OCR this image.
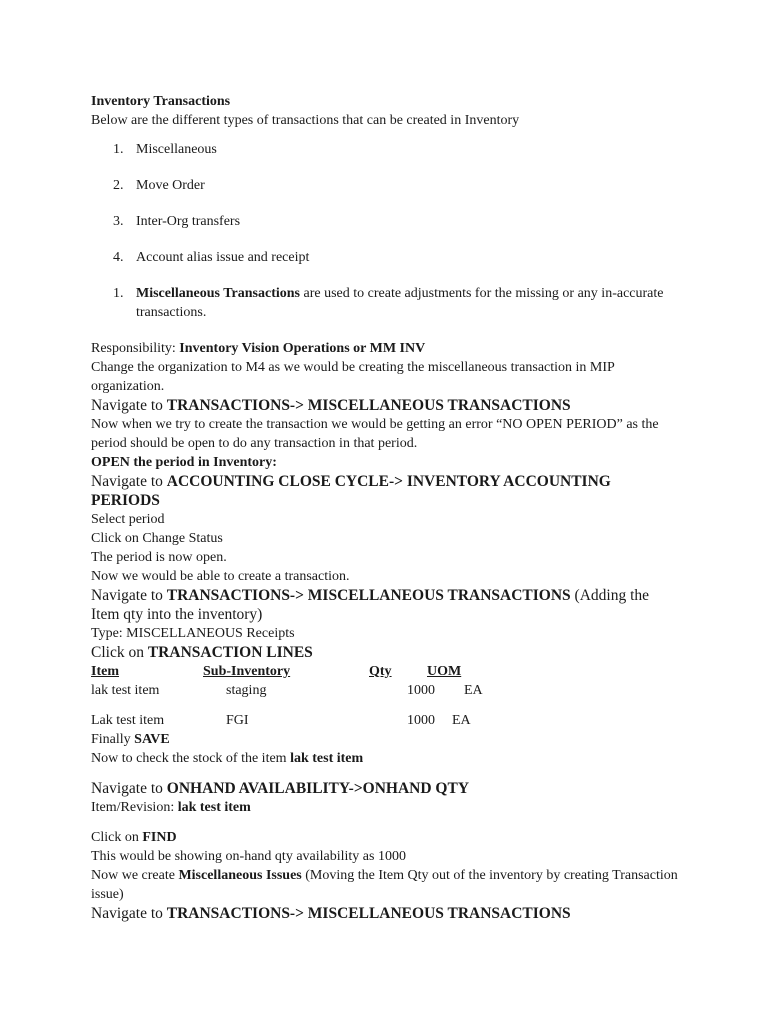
Inventory Transactions

Below are the different types of transactions that can be created in Inventory

1. Miscellaneous
2. Move Order
3. Inter-Org transfers
4. Account alias issue and receipt

1. Miscellaneous Transactions are used to create adjustments for the missing or any in-accurate transactions.

Responsibility: Inventory Vision Operations or MM INV

Change the organization to M4 as we would be creating the miscellaneous transaction in MIP organization.

Navigate to TRANSACTIONS-> MISCELLANEOUS TRANSACTIONS

Now when we try to create the transaction we would be getting an error “NO OPEN PERIOD” as the period should be open to do any transaction in that period.

OPEN the period in Inventory:

Navigate to ACCOUNTING CLOSE CYCLE-> INVENTORY ACCOUNTING PERIODS

Select period

Click on Change Status

The period is now open.

Now we would be able to create a transaction.

Navigate to TRANSACTIONS-> MISCELLANEOUS TRANSACTIONS (Adding the Item qty into the inventory)

Type: MISCELLANEOUS Receipts

Click on TRANSACTION LINES

Item	Sub-Inventory	Qty	UOM
lak test item	staging	1000 EA
Lak test item	FGI	1000 EA

Finally SAVE

Now to check the stock of the item lak test item

Navigate to ONHAND AVAILABILITY->ONHAND QTY

Item/Revision: lak test item

Click on FIND

This would be showing on-hand qty availability as 1000

Now we create Miscellaneous Issues (Moving the Item Qty out of the inventory by creating Transaction issue)

Navigate to TRANSACTIONS-> MISCELLANEOUS TRANSACTIONS
